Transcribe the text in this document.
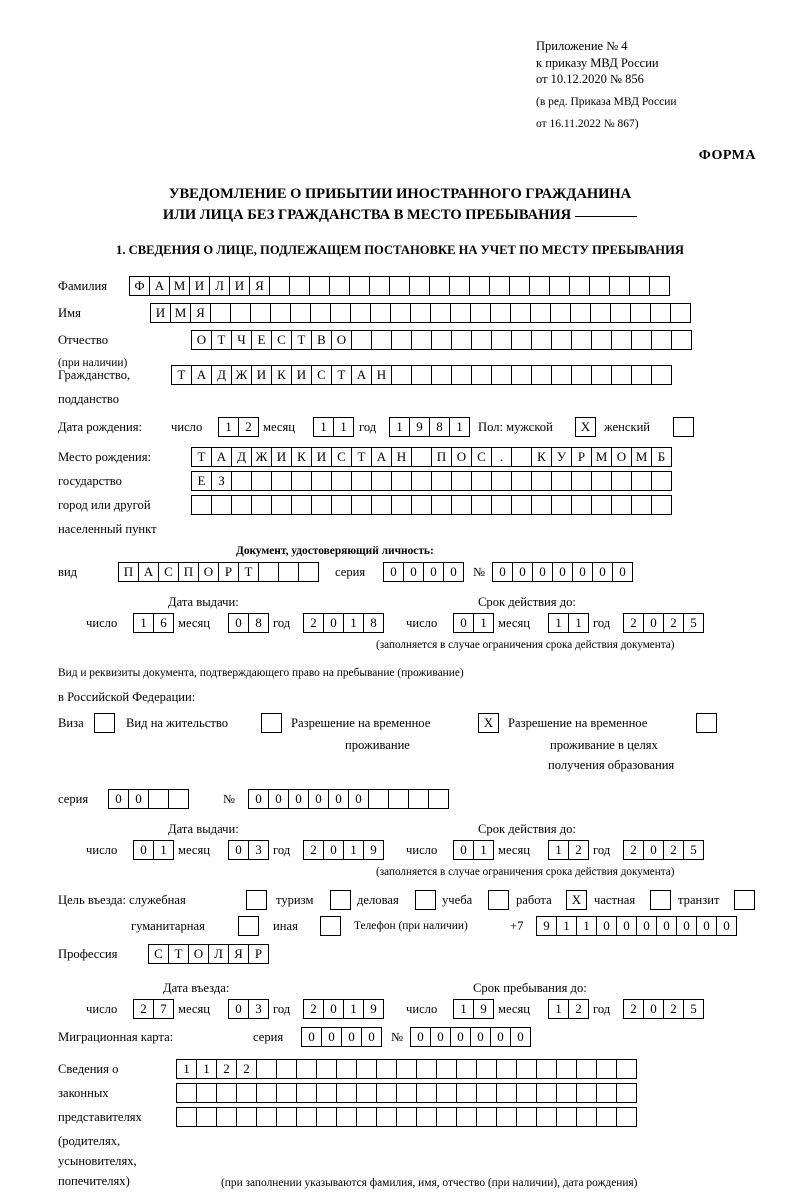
Приложение № 4
к приказу МВД России
от 10.12.2020 № 856
(в ред. Приказа МВД России
от 16.11.2022 № 867)
ФОРМА
УВЕДОМЛЕНИЕ О ПРИБЫТИИ ИНОСТРАННОГО ГРАЖДАНИНА
ИЛИ ЛИЦА БЕЗ ГРАЖДАНСТВА В МЕСТО ПРЕБЫВАНИЯ
1. СВЕДЕНИЯ О ЛИЦЕ, ПОДЛЕЖАЩЕМ ПОСТАНОВКЕ НА УЧЕТ ПО МЕСТУ ПРЕБЫВАНИЯ
Фамилия	Ф А М И Л И Я
Имя	И М Я
Отчество	О Т Ч Е С Т В О
(при наличии)
Гражданство,	Т А Д Ж И К И С Т А Н
подданство
Дата рождения: число	1	2 месяц	1	1 год	1	9	8	1	Пол: мужской	Х	женский
Место рождения:	Т А Д Ж И К И С Т А Н	П О С	.	К У Р М О М Б
государство	Е З
город или другой
населенный пункт
Документ, удостоверяющий личность:
вид	П А С П О Р Т	серия	0	0	0	0	№	0	0	0	0	0	0	0
Дата выдачи:	Срок действия до:
число	1	6 месяц	0	8 год	2	0	1	8	число	0	1 месяц	1	1 год	2	0	2	5
(заполняется в случае ограничения срока действия документа)
Вид и реквизиты документа, подтверждающего право на пребывание (проживание)
в Российской Федерации:
Виза	Вид на жительство	Разрешение на временное	Х	Разрешение на временное
проживание	проживание в целях
получения образования
серия	0	0	№	0	0	0	0	0	0
Дата выдачи:	Срок действия до:
число	0	1 месяц	0	3 год	2	0	1	9	число	0	1 месяц	1	2 год	2	0	2	5
(заполняется в случае ограничения срока действия документа)
Цель въезда: служебная	туризм	деловая	учеба	работа	Х	частная	транзит
гуманитарная	иная	Телефон (при наличии)	+7	9	1	1	0	0	0	0	0	0	0
Профессия	С Т О Л Я Р
Дата въезда:	Срок пребывания до:
число	2	7 месяц	0	3 год	2	0	1	9	число	1	9 месяц	1	2 год	2	0	2	5
Миграционная карта:	серия	0	0	0	0	№	0	0	0	0	0	0
Сведения о	1	1	2	2
законных
представителях
(родителях,
усыновителях,
попечителях)	(при заполнении указываются фамилия, имя, отчество (при наличии), дата рождения)
